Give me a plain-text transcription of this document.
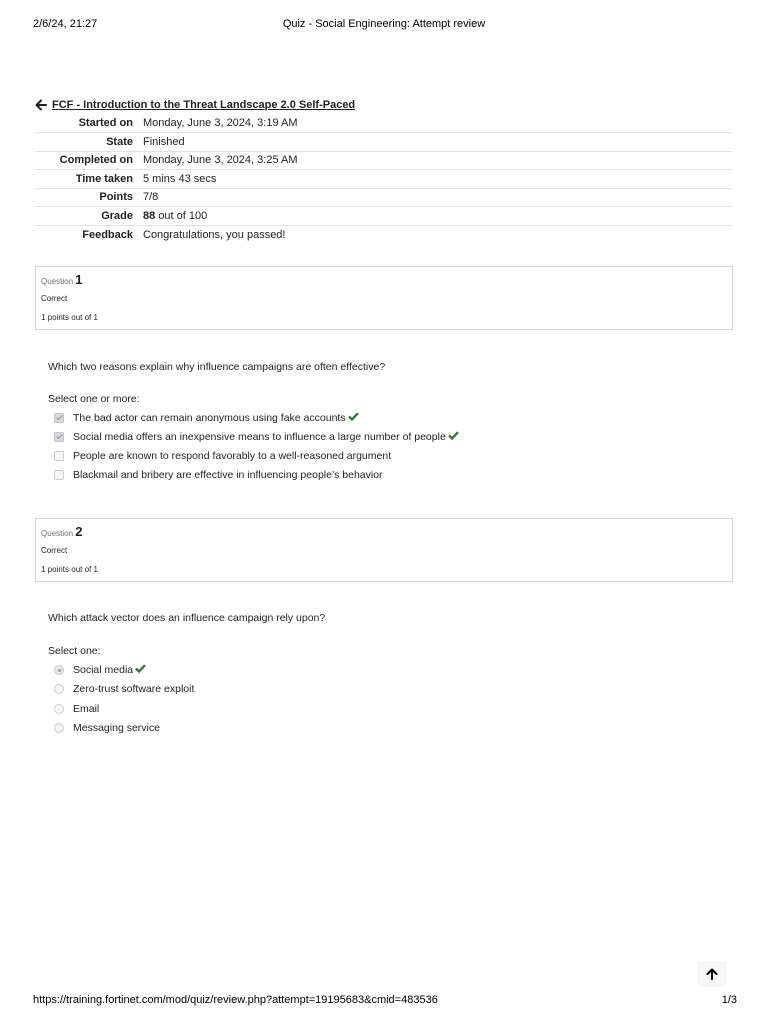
2/6/24, 21:27	Quiz - Social Engineering: Attempt review
FCF - Introduction to the Threat Landscape 2.0 Self-Paced
Started on	Monday, June 3, 2024, 3:19 AM
State	Finished
Completed on	Monday, June 3, 2024, 3:25 AM
Time taken	5 mins 43 secs
Points	7/8
Grade	88 out of 100
Feedback	Congratulations, you passed!
Question 1
Correct
1 points out of 1
Which two reasons explain why influence campaigns are often effective?
Select one or more:
The bad actor can remain anonymous using fake accounts
Social media offers an inexpensive means to influence a large number of people
People are known to respond favorably to a well-reasoned argument
Blackmail and bribery are effective in influencing people’s behavior
Question 2
Correct
1 points out of 1
Which attack vector does an influence campaign rely upon?
Select one:
Social media
Zero-trust software exploit
Email
Messaging service
https://training.fortinet.com/mod/quiz/review.php?attempt=19195683&cmid=483536	1/3
